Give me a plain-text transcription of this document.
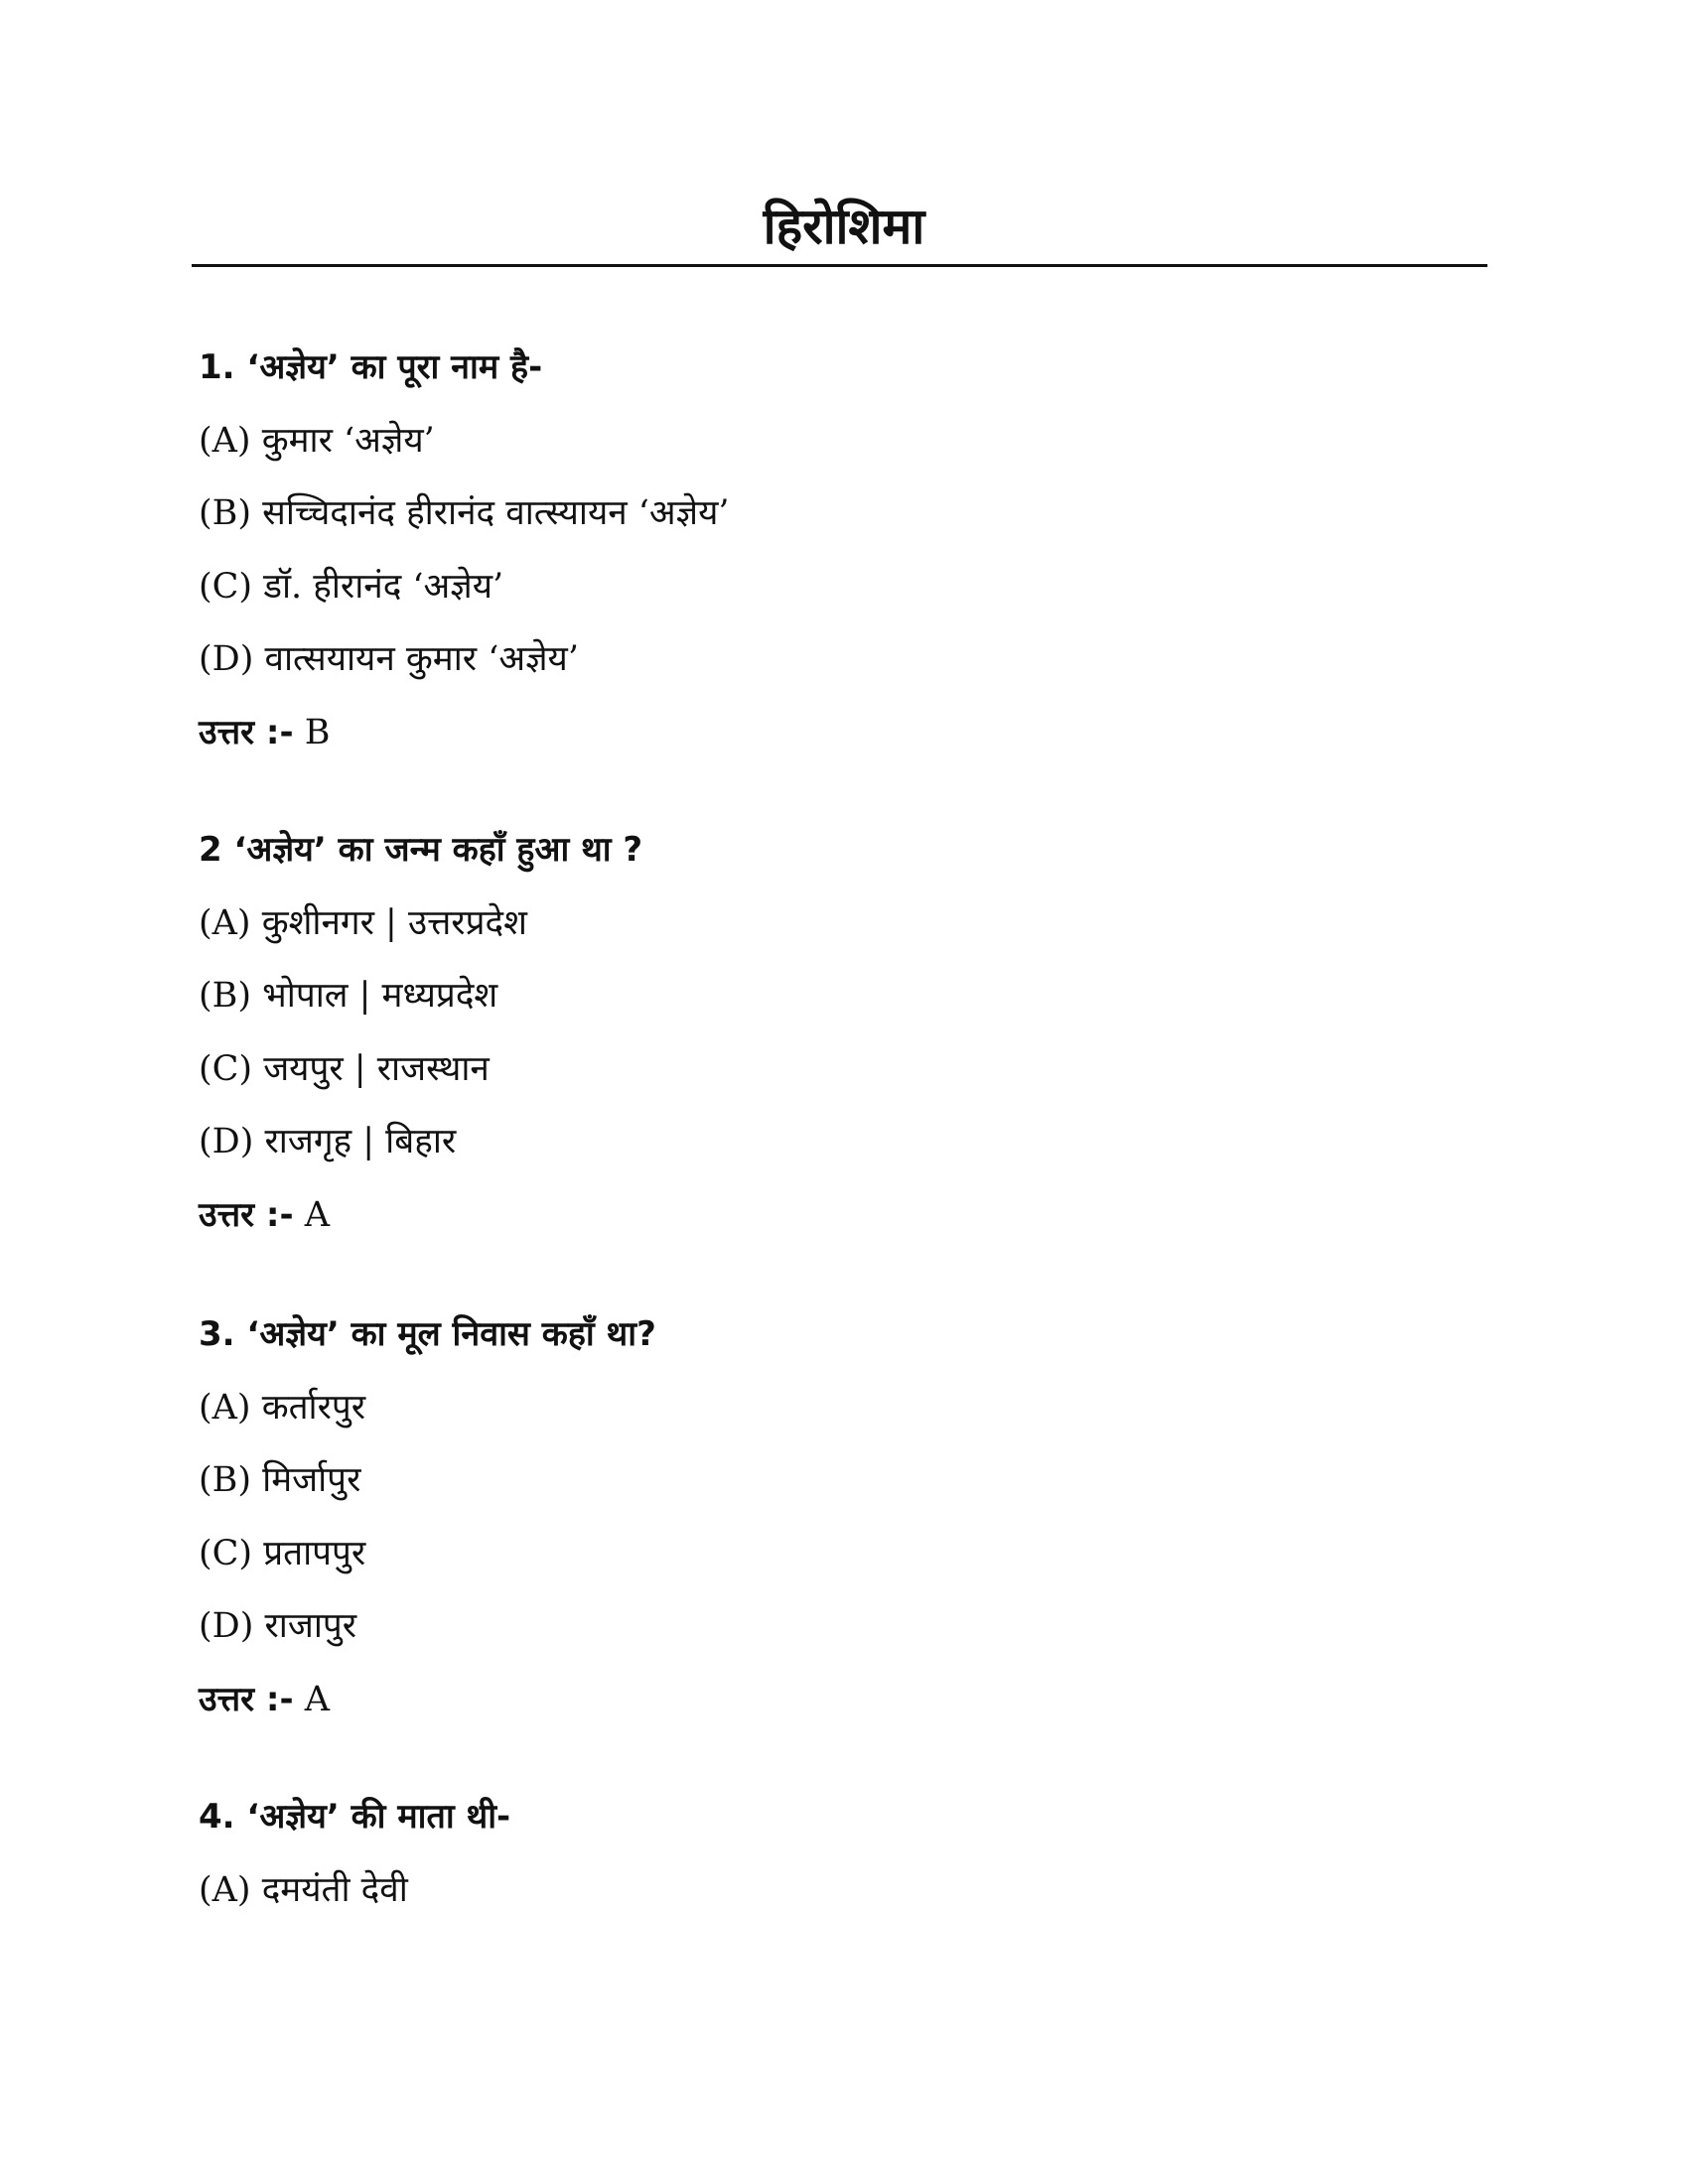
हिरोशिमा
1. ‘अज्ञेय’ का पूरा नाम है-
(A) कुमार ‘अज्ञेय’
(B) सच्चिदानंद हीरानंद वात्स्यायन ‘अज्ञेय’
(C) डॉ. हीरानंद ‘अज्ञेय’
(D) वात्सयायन कुमार ‘अज्ञेय’
उत्तर :- B
2 ‘अज्ञेय’ का जन्म कहाँ हुआ था ?
(A) कुशीनगर | उत्तरप्रदेश
(B) भोपाल | मध्यप्रदेश
(C) जयपुर | राजस्थान
(D) राजगृह | बिहार
उत्तर :- A
3. ‘अज्ञेय’ का मूल निवास कहाँ था?
(A) कर्तारपुर
(B) मिर्जापुर
(C) प्रतापपुर
(D) राजापुर
उत्तर :- A
4. ‘अज्ञेय’ की माता थी-
(A) दमयंती देवी
